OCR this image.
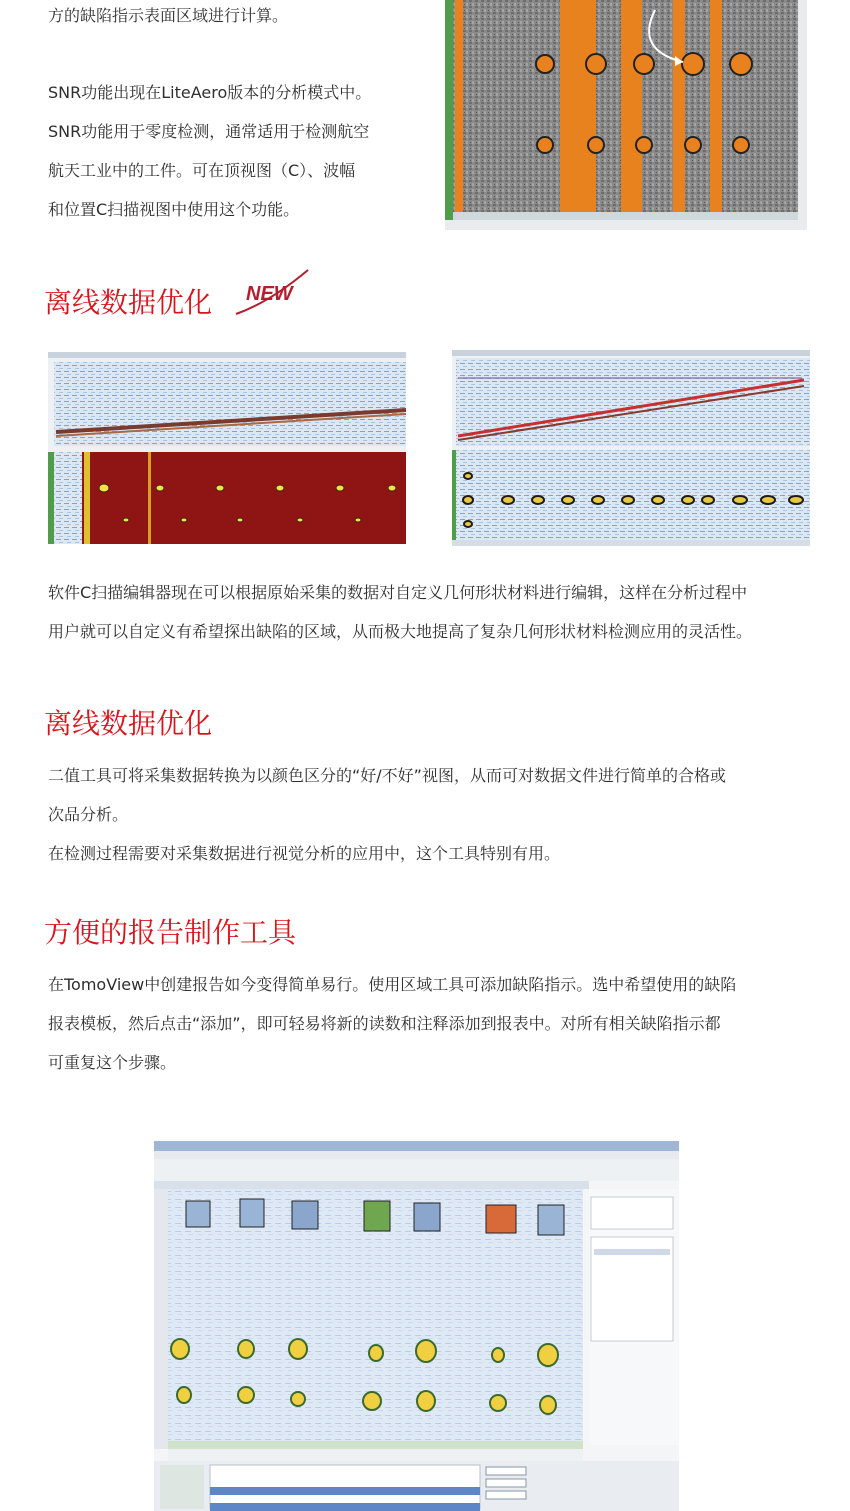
方的缺陷指示表面区域进行计算。

SNR功能出现在LiteAero版本的分析模式中。

SNR功能用于零度检测，通常适用于检测航空

航天工业中的工件。可在顶视图（C）、波幅

和位置C扫描视图中使用这个功能。

离线数据优化 NEW

软件C扫描编辑器现在可以根据原始采集的数据对自定义几何形状材料进行编辑，这样在分析过程中

用户就可以自定义有希望探出缺陷的区域，从而极大地提高了复杂几何形状材料检测应用的灵活性。

离线数据优化

二值工具可将采集数据转换为以颜色区分的“好/不好”视图，从而可对数据文件进行简单的合格或

次品分析。

在检测过程需要对采集数据进行视觉分析的应用中，这个工具特别有用。

方便的报告制作工具

在TomoView中创建报告如今变得简单易行。使用区域工具可添加缺陷指示。选中希望使用的缺陷

报表模板，然后点击“添加”，即可轻易将新的读数和注释添加到报表中。对所有相关缺陷指示都

可重复这个步骤。
